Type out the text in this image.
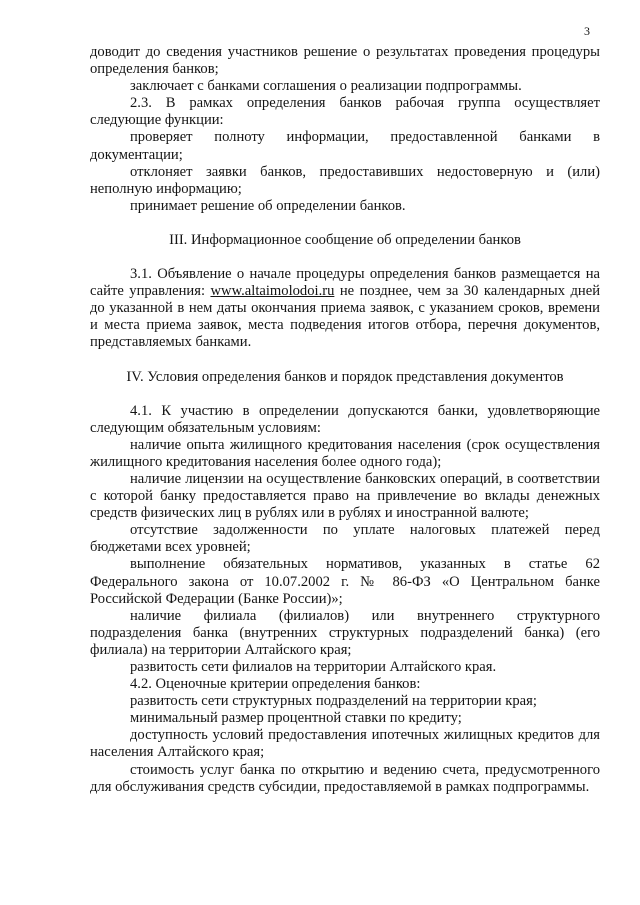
3

доводит до сведения участников решение о результатах проведения процедуры определения банков;

заключает с банками соглашения о реализации подпрограммы.

2.3. В рамках определения банков рабочая группа осуществляет следующие функции:

проверяет полноту информации, предоставленной банками в документации;

отклоняет заявки банков, предоставивших недостоверную и (или) неполную информацию;

принимает решение об определении банков.

III. Информационное сообщение об определении банков

3.1. Объявление о начале процедуры определения банков размещается на сайте управления: www.altaimolodoi.ru не позднее, чем за 30 календарных дней до указанной в нем даты окончания приема заявок, с указанием сроков, времени и места приема заявок, места подведения итогов отбора, перечня документов, представляемых банками.

IV. Условия определения банков и порядок представления документов

4.1. К участию в определении допускаются банки, удовлетворяющие следующим обязательным условиям:

наличие опыта жилищного кредитования населения (срок осуществления жилищного кредитования населения более одного года);

наличие лицензии на осуществление банковских операций, в соответствии с которой банку предоставляется право на привлечение во вклады денежных средств физических лиц в рублях или в рублях и иностранной валюте;

отсутствие задолженности по уплате налоговых платежей перед бюджетами всех уровней;

выполнение обязательных нормативов, указанных в статье 62 Федерального закона от 10.07.2002 г. № 86-ФЗ «О Центральном банке Российской Федерации (Банке России)»;

наличие филиала (филиалов) или внутреннего структурного подразделения банка (внутренних структурных подразделений банка) (его филиала) на территории Алтайского края;

развитость сети филиалов на территории Алтайского края.

4.2. Оценочные критерии определения банков:

развитость сети структурных подразделений на территории края;

минимальный размер процентной ставки по кредиту;

доступность условий предоставления ипотечных жилищных кредитов для населения Алтайского края;

стоимость услуг банка по открытию и ведению счета, предусмотренного для обслуживания средств субсидии, предоставляемой в рамках подпрограммы.
